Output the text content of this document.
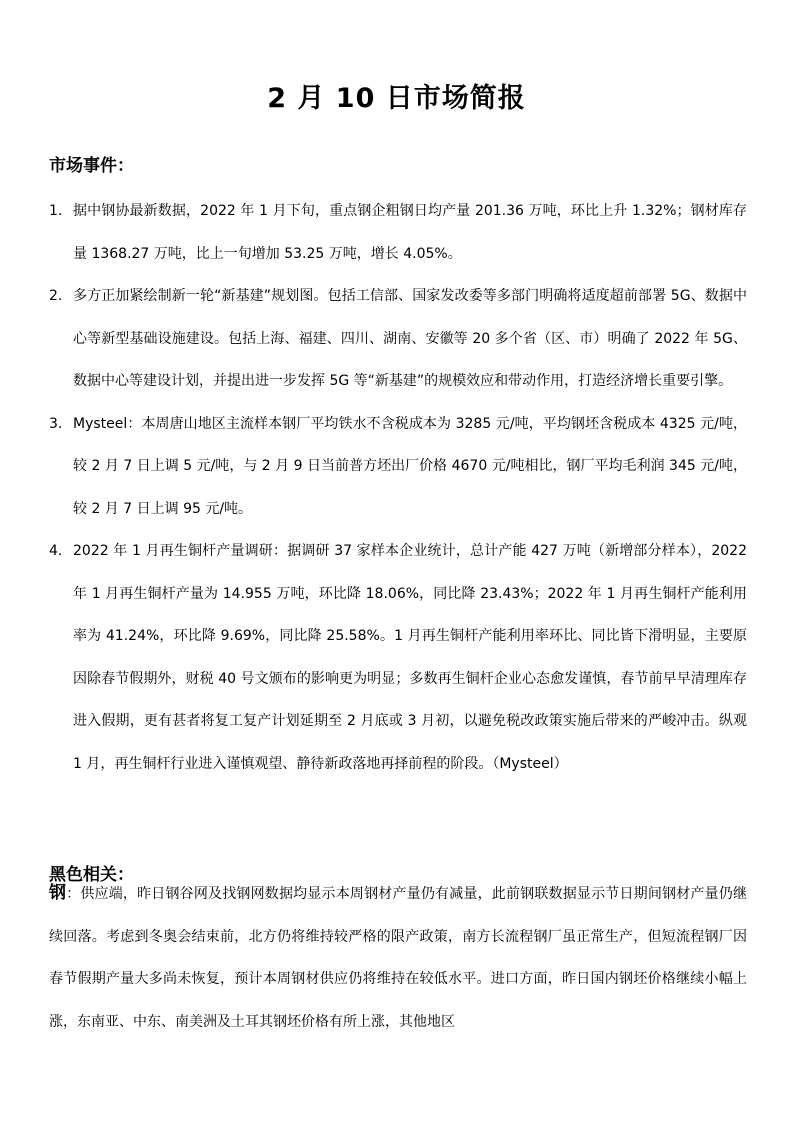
2 月 10 日市场简报
市场事件：
1. 据中钢协最新数据，2022 年 1 月下旬，重点钢企粗钢日均产量 201.36 万吨，环比上升 1.32%；钢材库存量 1368.27 万吨，比上一旬增加 53.25 万吨，增长 4.05%。
2. 多方正加紧绘制新一轮“新基建”规划图。包括工信部、国家发改委等多部门明确将适度超前部署 5G、数据中心等新型基础设施建设。包括上海、福建、四川、湖南、安徽等 20 多个省（区、市）明确了 2022 年 5G、数据中心等建设计划，并提出进一步发挥 5G 等“新基建”的规模效应和带动作用，打造经济增长重要引擎。
3. Mysteel：本周唐山地区主流样本钢厂平均铁水不含税成本为 3285 元/吨，平均钢坯含税成本 4325 元/吨，较 2 月 7 日上调 5 元/吨，与 2 月 9 日当前普方坯出厂价格 4670 元/吨相比，钢厂平均毛利润 345 元/吨，较 2 月 7 日上调 95 元/吨。
4. 2022 年 1 月再生铜杆产量调研：据调研 37 家样本企业统计，总计产能 427 万吨（新增部分样本），2022 年 1 月再生铜杆产量为 14.955 万吨，环比降 18.06%，同比降 23.43%；2022 年 1 月再生铜杆产能利用率为 41.24%，环比降 9.69%，同比降 25.58%。1 月再生铜杆产能利用率环比、同比皆下滑明显，主要原因除春节假期外，财税 40 号文颁布的影响更为明显；多数再生铜杆企业心态愈发谨慎，春节前早早清理库存进入假期，更有甚者将复工复产计划延期至 2 月底或 3 月初，以避免税改政策实施后带来的严峻冲击。纵观 1 月，再生铜杆行业进入谨慎观望、静待新政落地再择前程的阶段。（Mysteel）
黑色相关：

钢：供应端，昨日钢谷网及找钢网数据均显示本周钢材产量仍有减量，此前钢联数据显示节日期间钢材产量仍继续回落。考虑到冬奥会结束前，北方仍将维持较严格的限产政策，南方长流程钢厂虽正常生产，但短流程钢厂因春节假期产量大多尚未恢复，预计本周钢材供应仍将维持在较低水平。进口方面，昨日国内钢坯价格继续小幅上涨，东南亚、中东、南美洲及土耳其钢坯价格有所上涨，其他地区
